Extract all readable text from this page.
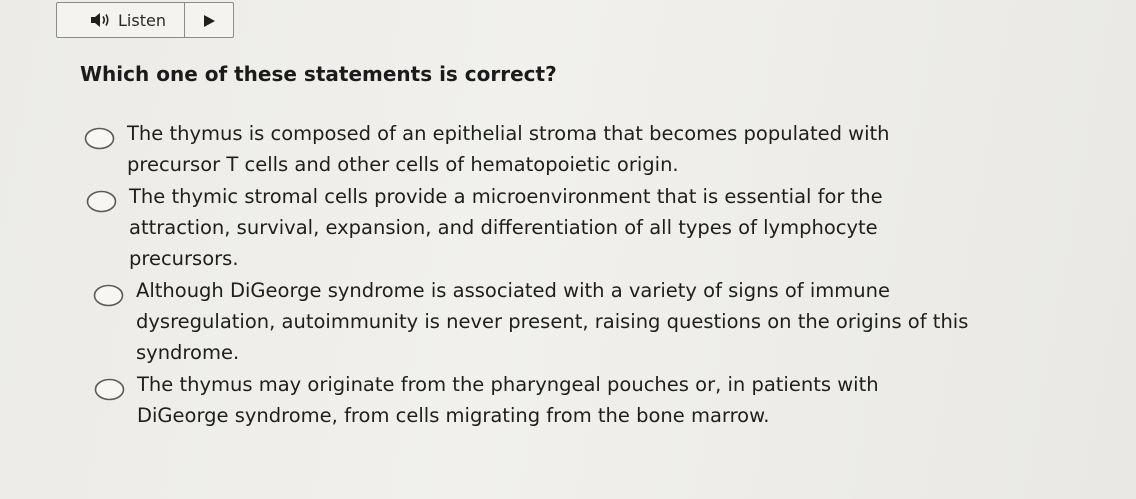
Listen
Which one of these statements is correct?
The thymus is composed of an epithelial stroma that becomes populated with precursor T cells and other cells of hematopoietic origin.
The thymic stromal cells provide a microenvironment that is essential for the attraction, survival, expansion, and differentiation of all types of lymphocyte precursors.
Although DiGeorge syndrome is associated with a variety of signs of immune dysregulation, autoimmunity is never present, raising questions on the origins of this syndrome.
The thymus may originate from the pharyngeal pouches or, in patients with DiGeorge syndrome, from cells migrating from the bone marrow.
